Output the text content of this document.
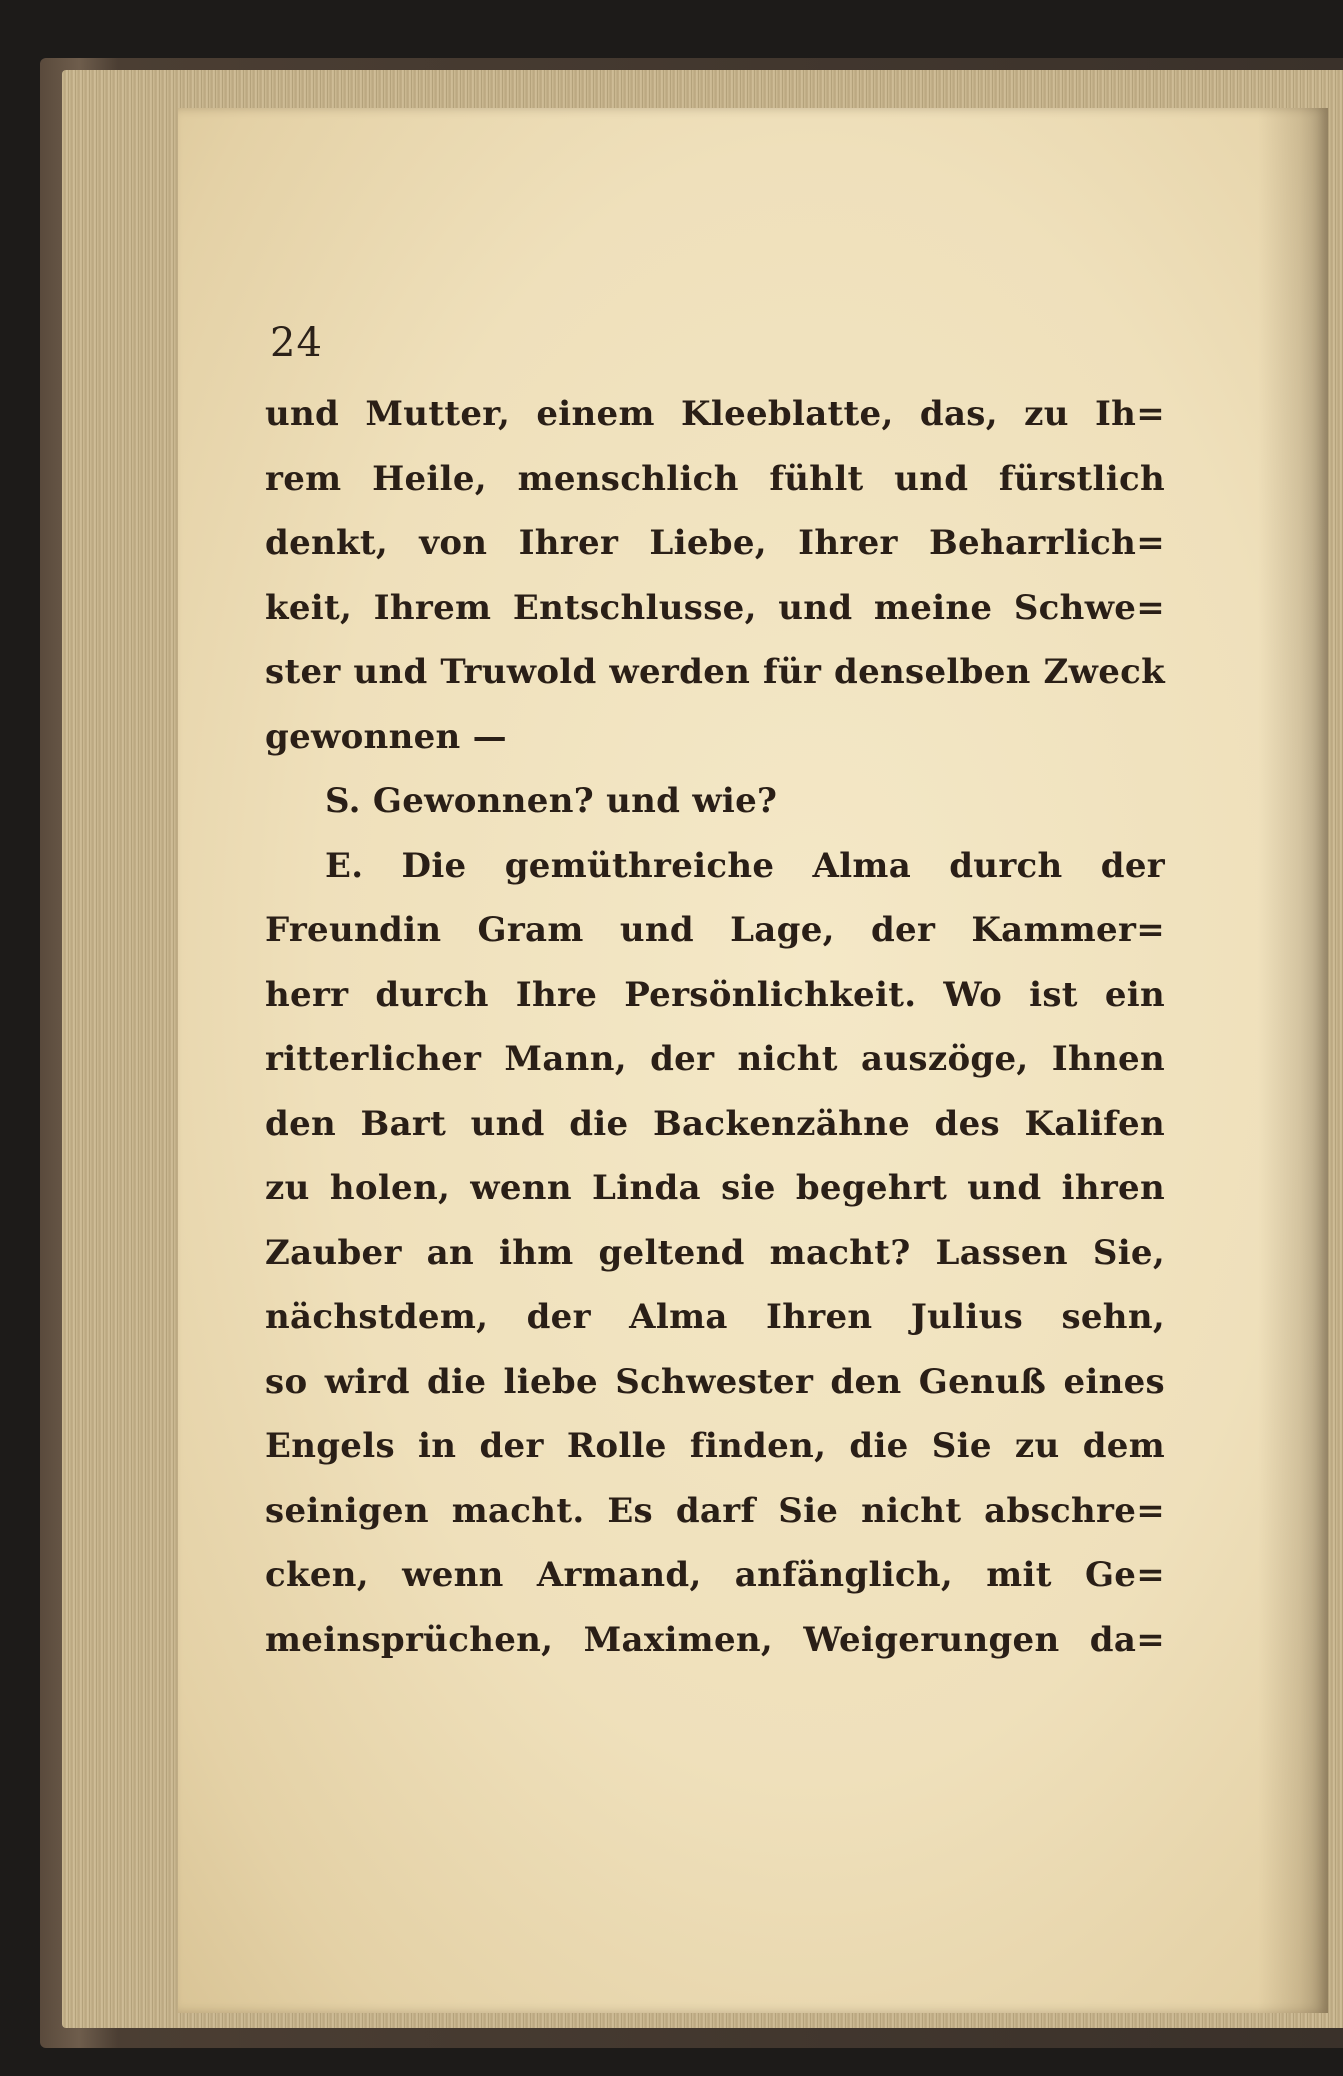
24
und Mutter, einem Kleeblatte, das, zu Ih=
rem Heile, menschlich fühlt und fürstlich
denkt, von Ihrer Liebe, Ihrer Beharrlich=
keit, Ihrem Entschlusse, und meine Schwe=
ster und Truwold werden für denselben Zweck
gewonnen —
S. Gewonnen? und wie?
E. Die gemüthreiche Alma durch der
Freundin Gram und Lage, der Kammer=
herr durch Ihre Persönlichkeit. Wo ist ein
ritterlicher Mann, der nicht auszöge, Ihnen
den Bart und die Backenzähne des Kalifen
zu holen, wenn Linda sie begehrt und ihren
Zauber an ihm geltend macht? Lassen Sie,
nächstdem, der Alma Ihren Julius sehn,
so wird die liebe Schwester den Genuß eines
Engels in der Rolle finden, die Sie zu dem
seinigen macht. Es darf Sie nicht abschre=
cken, wenn Armand, anfänglich, mit Ge=
meinsprüchen, Maximen, Weigerungen da=
